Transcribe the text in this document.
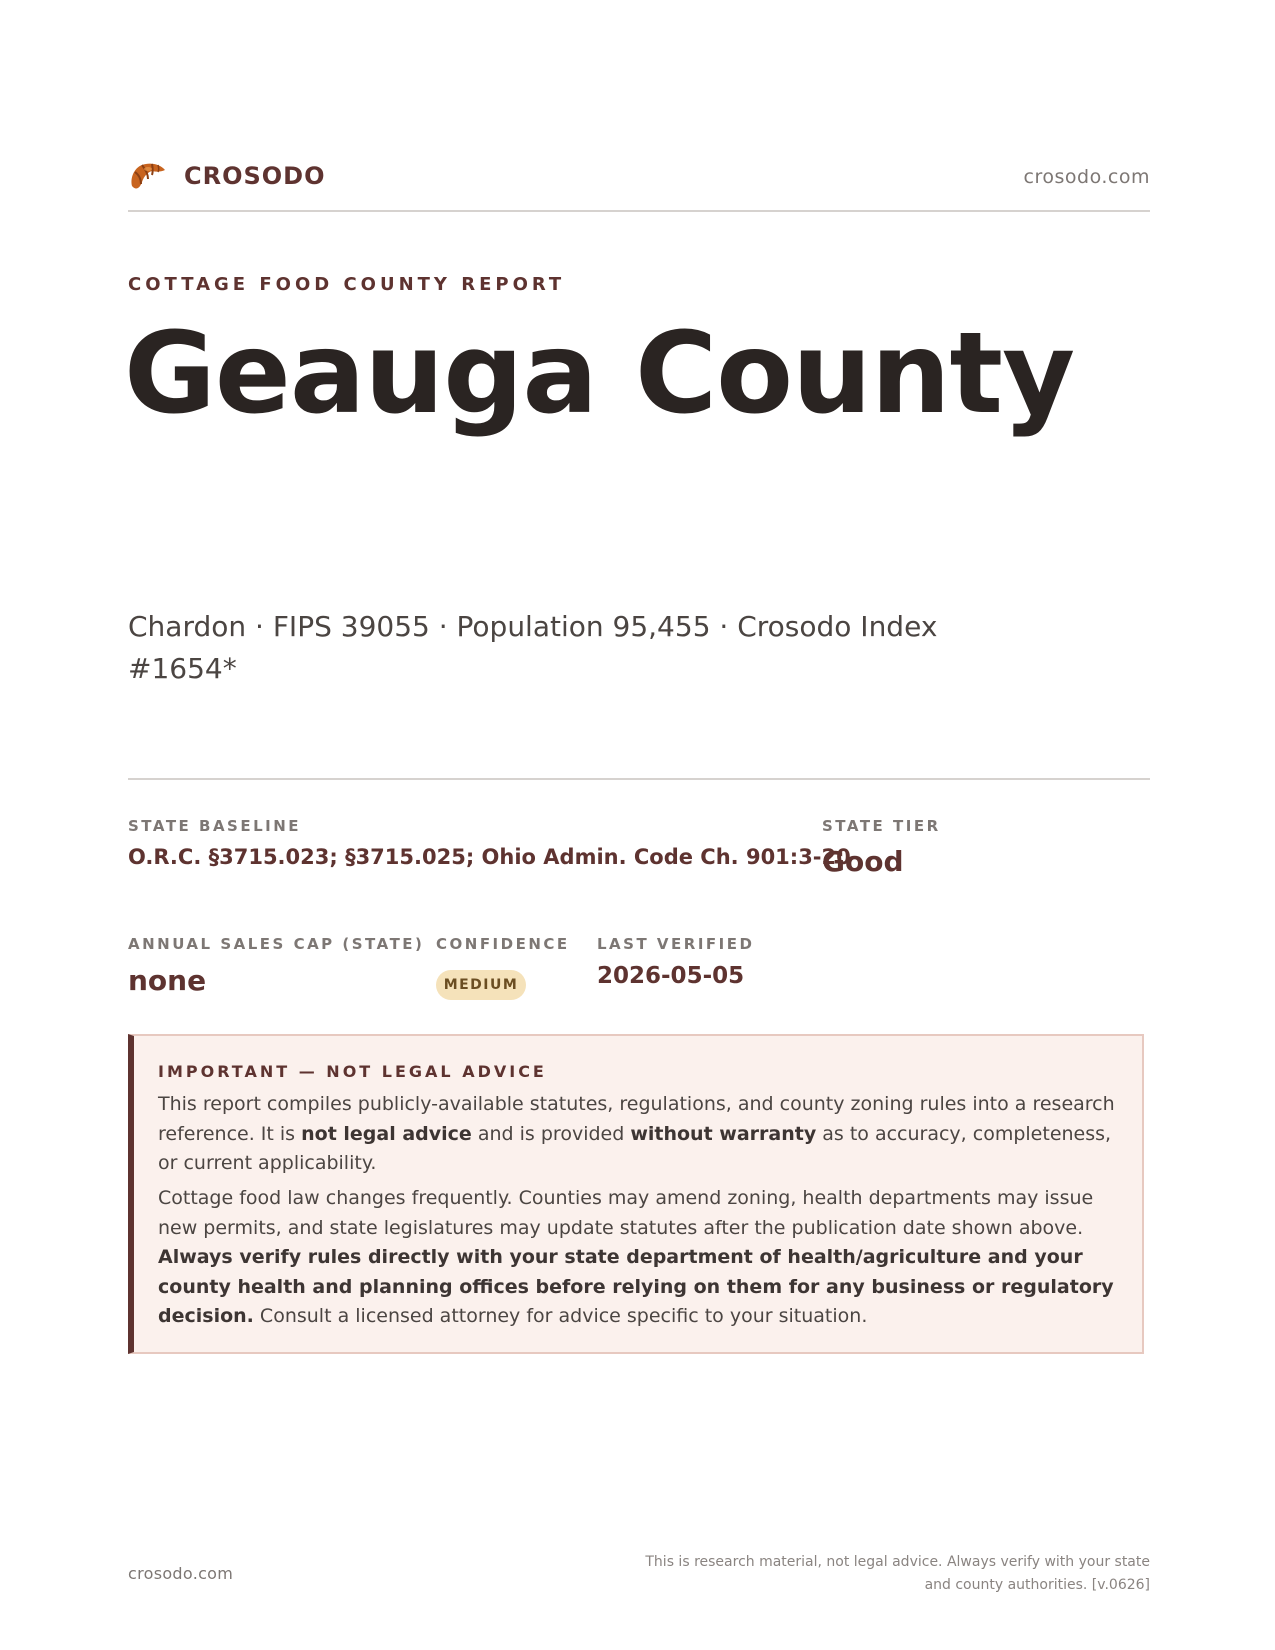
CROSODO	crosodo.com
COTTAGE FOOD COUNTY REPORT
Geauga County
Chardon · FIPS 39055 · Population 95,455 · Crosodo Index #1654*
STATE BASELINE
O.R.C. §3715.023; §3715.025; Ohio Admin. Code Ch. 901:3-20
STATE TIER
Good
ANNUAL SALES CAP (STATE)
none
CONFIDENCE
MEDIUM
LAST VERIFIED
2026-05-05
IMPORTANT — NOT LEGAL ADVICE

This report compiles publicly-available statutes, regulations, and county zoning rules into a research reference. It is not legal advice and is provided without warranty as to accuracy, completeness, or current applicability.

Cottage food law changes frequently. Counties may amend zoning, health departments may issue new permits, and state legislatures may update statutes after the publication date shown above. Always verify rules directly with your state department of health/agriculture and your county health and planning offices before relying on them for any business or regulatory decision. Consult a licensed attorney for advice specific to your situation.

crosodo.com
This is research material, not legal advice. Always verify with your state
and county authorities. [v.0626]
